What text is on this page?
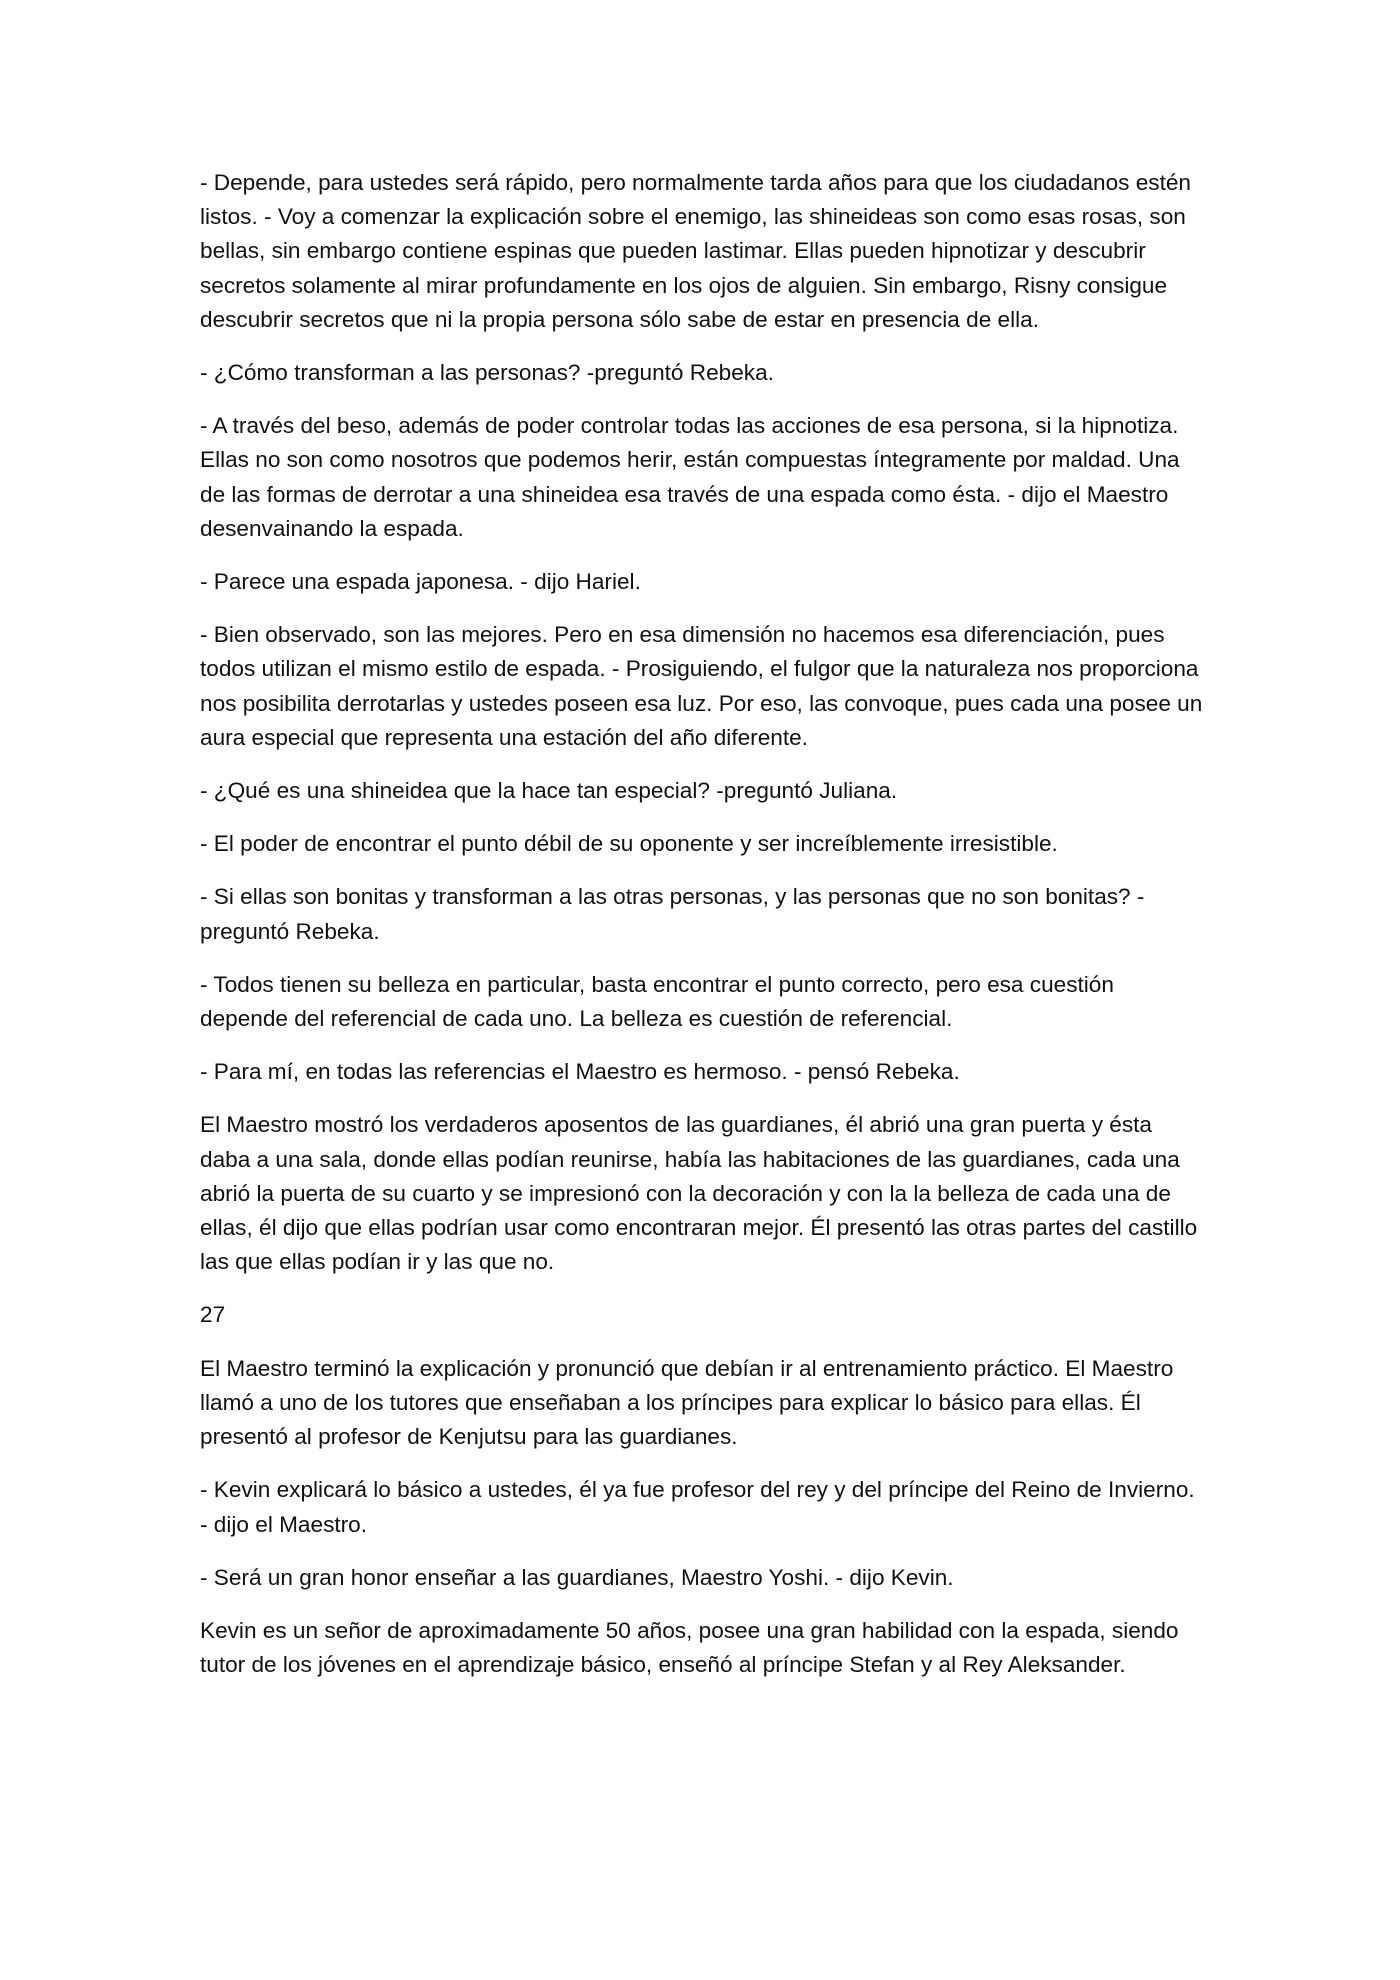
- Depende, para ustedes será rápido, pero normalmente tarda años para que los ciudadanos estén listos. - Voy a comenzar la explicación sobre el enemigo, las shineideas son como esas rosas, son bellas, sin embargo contiene espinas que pueden lastimar. Ellas pueden hipnotizar y descubrir secretos solamente al mirar profundamente en los ojos de alguien. Sin embargo, Risny consigue descubrir secretos que ni la propia persona sólo sabe de estar en presencia de ella.

- ¿Cómo transforman a las personas? -preguntó Rebeka.

- A través del beso, además de poder controlar todas las acciones de esa persona, si la hipnotiza. Ellas no son como nosotros que podemos herir, están compuestas íntegramente por maldad. Una de las formas de derrotar a una shineidea esa través de una espada como ésta. - dijo el Maestro desenvainando la espada.

- Parece una espada japonesa. - dijo Hariel.

- Bien observado, son las mejores. Pero en esa dimensión no hacemos esa diferenciación, pues todos utilizan el mismo estilo de espada. - Prosiguiendo, el fulgor que la naturaleza nos proporciona nos posibilita derrotarlas y ustedes poseen esa luz. Por eso, las convoque, pues cada una posee un aura especial que representa una estación del año diferente.

- ¿Qué es una shineidea que la hace tan especial? -preguntó Juliana.

- El poder de encontrar el punto débil de su oponente y ser increíblemente irresistible.

- Si ellas son bonitas y transforman a las otras personas, y las personas que no son bonitas? - preguntó Rebeka.

- Todos tienen su belleza en particular, basta encontrar el punto correcto, pero esa cuestión depende del referencial de cada uno. La belleza es cuestión de referencial.

- Para mí, en todas las referencias el Maestro es hermoso. - pensó Rebeka.

El Maestro mostró los verdaderos aposentos de las guardianes, él abrió una gran puerta y ésta daba a una sala, donde ellas podían reunirse, había las habitaciones de las guardianes, cada una abrió la puerta de su cuarto y se impresionó con la decoración y con la la belleza de cada una de ellas, él dijo que ellas podrían usar como encontraran mejor. Él presentó las otras partes del castillo las que ellas podían ir y las que no.

27

El Maestro terminó la explicación y pronunció que debían ir al entrenamiento práctico. El Maestro llamó a uno de los tutores que enseñaban a los príncipes para explicar lo básico para ellas. Él presentó al profesor de Kenjutsu para las guardianes.

- Kevin explicará lo básico a ustedes, él ya fue profesor del rey y del príncipe del Reino de Invierno. - dijo el Maestro.

- Será un gran honor enseñar a las guardianes, Maestro Yoshi. - dijo Kevin.

Kevin es un señor de aproximadamente 50 años, posee una gran habilidad con la espada, siendo tutor de los jóvenes en el aprendizaje básico, enseñó al príncipe Stefan y al Rey Aleksander.
